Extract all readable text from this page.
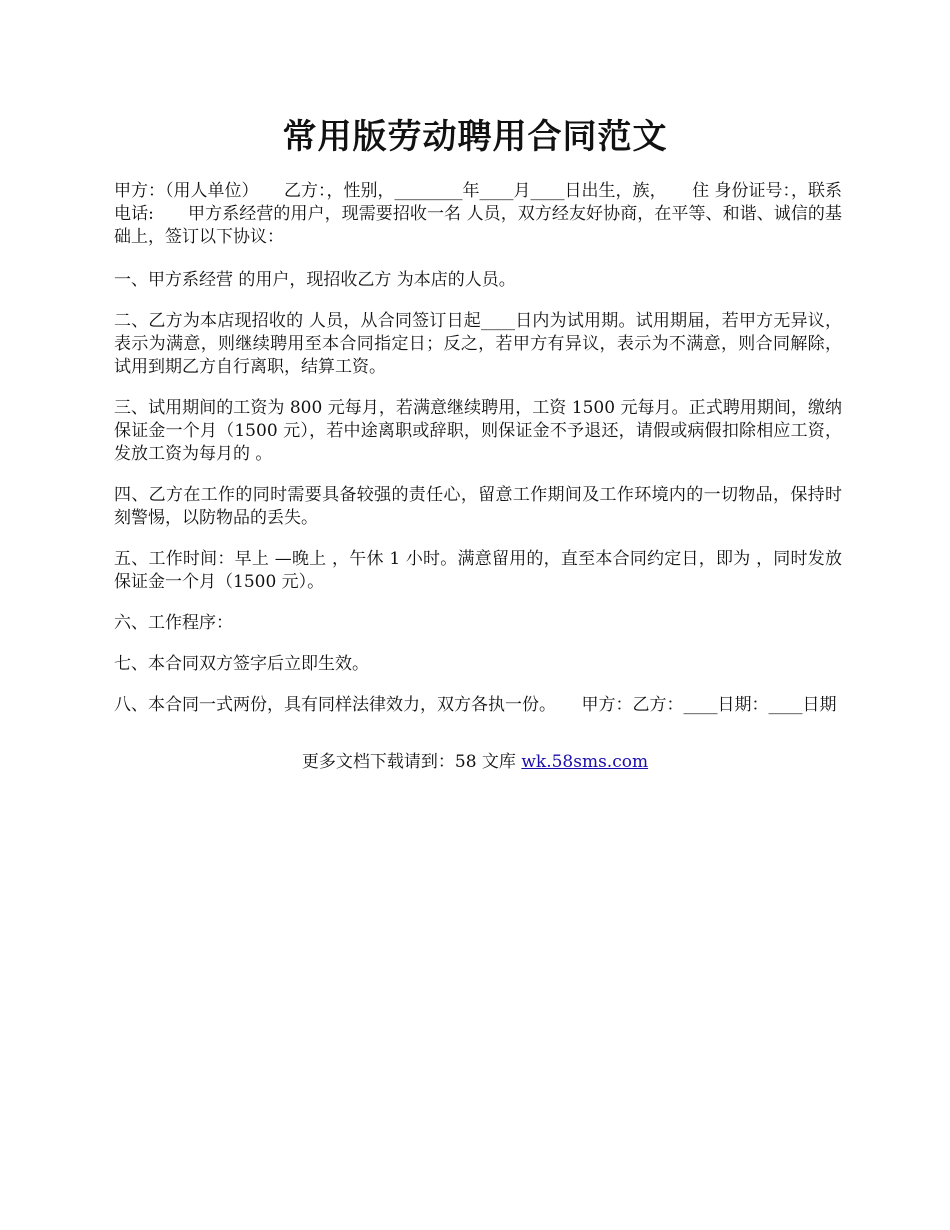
常用版劳动聘用合同范文

甲方：（用人单位）　　乙方：，性别，________年____月____日出生，族，　　住 身份证号：，联系电话:　　甲方系经营的用户，现需要招收一名 人员，双方经友好协商，在平等、和谐、诚信的基础上，签订以下协议：

一、甲方系经营 的用户，现招收乙方 为本店的人员。

二、乙方为本店现招收的 人员，从合同签订日起____日内为试用期。试用期届，若甲方无异议，表示为满意，则继续聘用至本合同指定日；反之，若甲方有异议，表示为不满意，则合同解除，试用到期乙方自行离职，结算工资。

三、试用期间的工资为 800 元每月，若满意继续聘用，工资 1500 元每月。正式聘用期间，缴纳保证金一个月（1500 元），若中途离职或辞职，则保证金不予退还，请假或病假扣除相应工资，发放工资为每月的 。

四、乙方在工作的同时需要具备较强的责任心，留意工作期间及工作环境内的一切物品，保持时刻警惕，以防物品的丢失。

五、工作时间：早上 —晚上 ，午休 1 小时。满意留用的，直至本合同约定日，即为 ，同时发放保证金一个月（1500 元）。

六、工作程序：

七、本合同双方签字后立即生效。

八、本合同一式两份，具有同样法律效力，双方各执一份。　　甲方：乙方：____日期：____日期

更多文档下载请到：58 文库 wk.58sms.com
